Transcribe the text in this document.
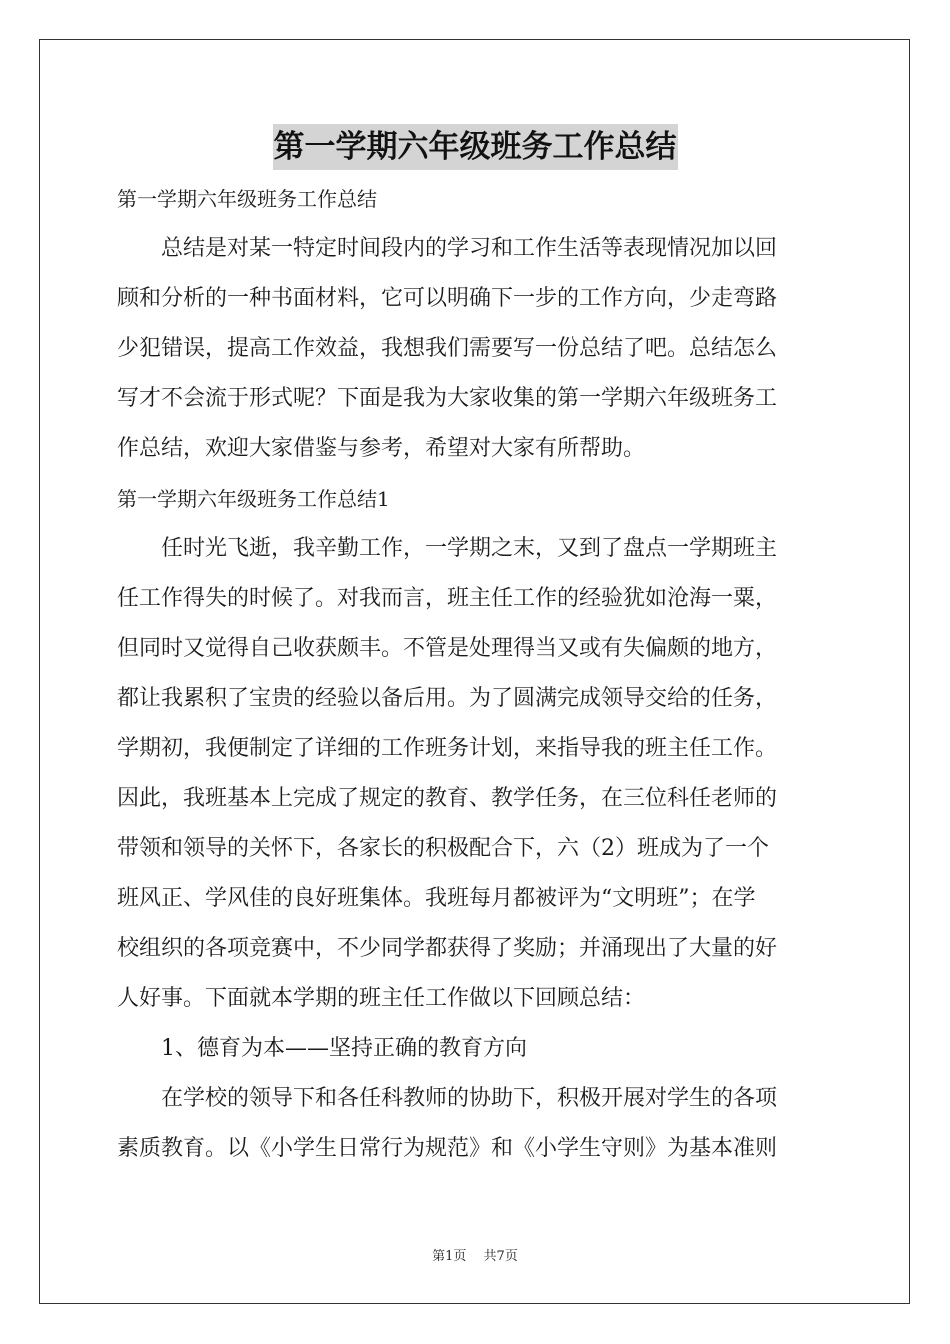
第一学期六年级班务工作总结
第一学期六年级班务工作总结
　　总结是对某一特定时间段内的学习和工作生活等表现情况加以回
顾和分析的一种书面材料，它可以明确下一步的工作方向，少走弯路
少犯错误，提高工作效益，我想我们需要写一份总结了吧。总结怎么
写才不会流于形式呢？下面是我为大家收集的第一学期六年级班务工
作总结，欢迎大家借鉴与参考，希望对大家有所帮助。
第一学期六年级班务工作总结1
　　任时光飞逝，我辛勤工作，一学期之末，又到了盘点一学期班主
任工作得失的时候了。对我而言，班主任工作的经验犹如沧海一粟，
但同时又觉得自己收获颇丰。不管是处理得当又或有失偏颇的地方，
都让我累积了宝贵的经验以备后用。为了圆满完成领导交给的任务，
学期初，我便制定了详细的工作班务计划，来指导我的班主任工作。
因此，我班基本上完成了规定的教育、教学任务，在三位科任老师的
带领和领导的关怀下，各家长的积极配合下，六（2）班成为了一个
班风正、学风佳的良好班集体。我班每月都被评为“文明班”；在学
校组织的各项竞赛中，不少同学都获得了奖励；并涌现出了大量的好
人好事。下面就本学期的班主任工作做以下回顾总结：
　　1、德育为本——坚持正确的教育方向
　　在学校的领导下和各任科教师的协助下，积极开展对学生的各项
素质教育。以《小学生日常行为规范》和《小学生守则》为基本准则
第1页　 共7页
